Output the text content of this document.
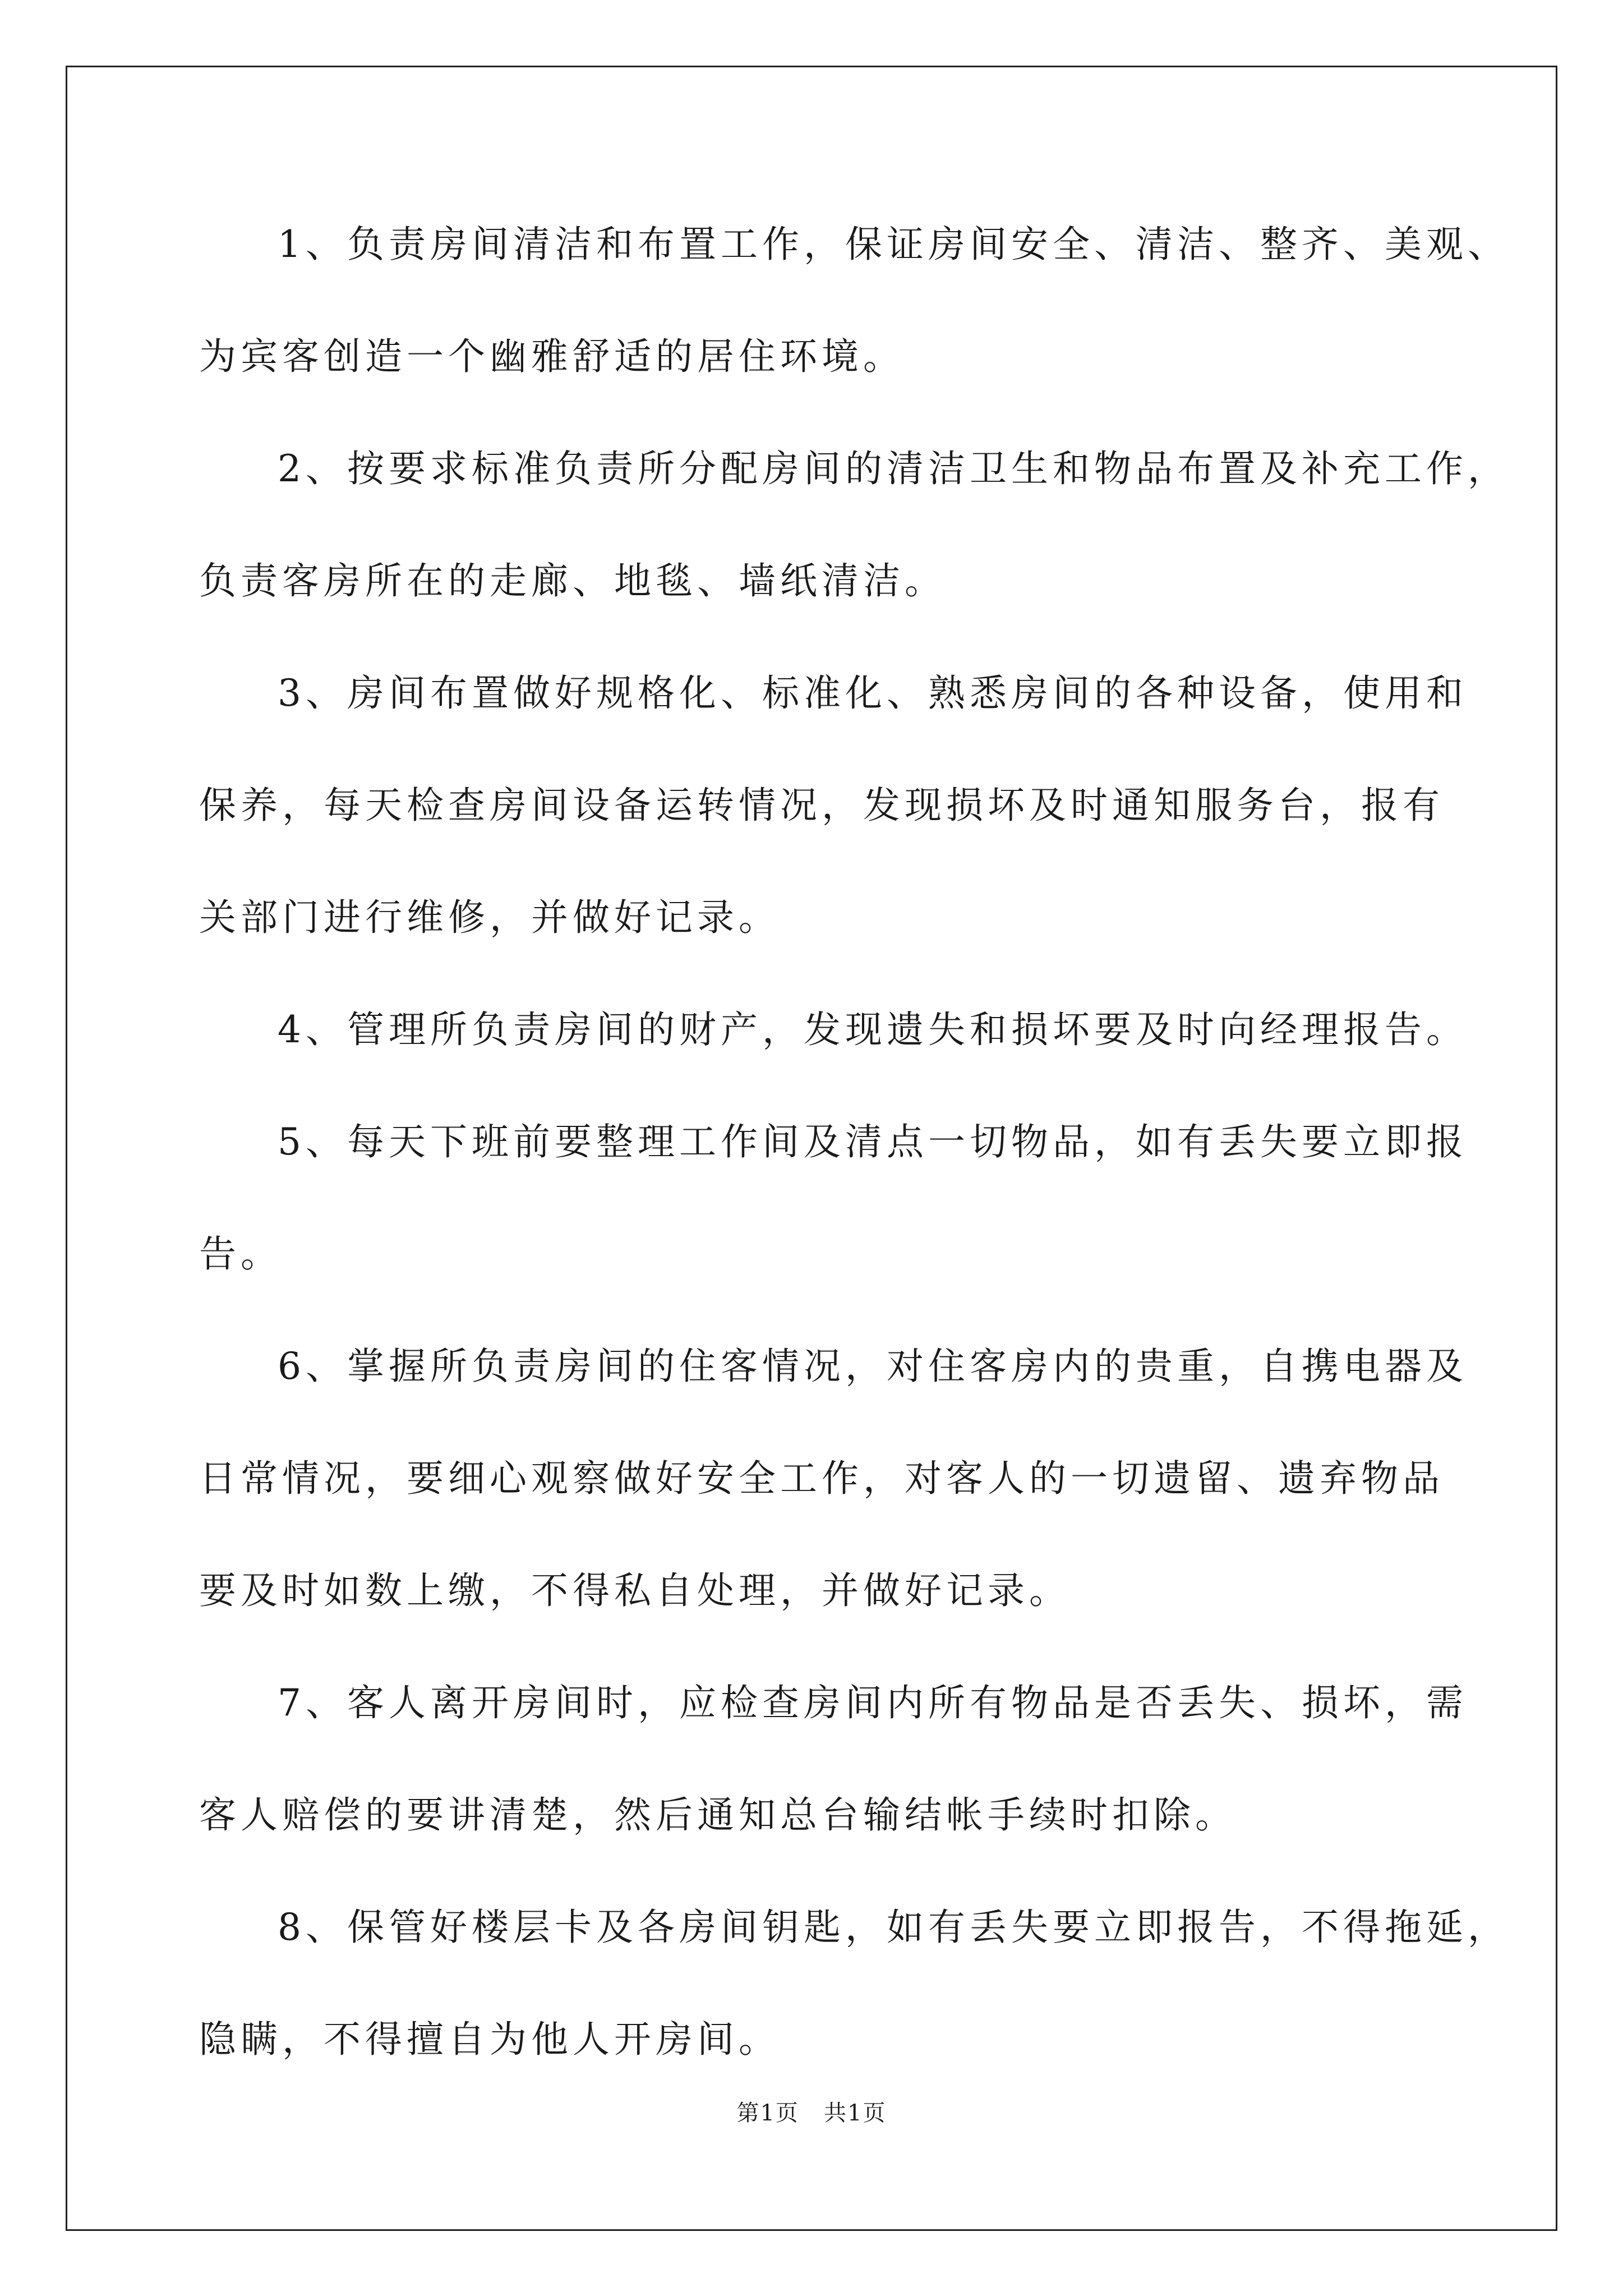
1、负责房间清洁和布置工作，保证房间安全、清洁、整齐、美观、
为宾客创造一个幽雅舒适的居住环境。
2、按要求标准负责所分配房间的清洁卫生和物品布置及补充工作，
负责客房所在的走廊、地毯、墙纸清洁。
3、房间布置做好规格化、标准化、熟悉房间的各种设备，使用和
保养，每天检查房间设备运转情况，发现损坏及时通知服务台，报有
关部门进行维修，并做好记录。
4、管理所负责房间的财产，发现遗失和损坏要及时向经理报告。
5、每天下班前要整理工作间及清点一切物品，如有丢失要立即报
告。
6、掌握所负责房间的住客情况，对住客房内的贵重，自携电器及
日常情况，要细心观察做好安全工作，对客人的一切遗留、遗弃物品
要及时如数上缴，不得私自处理，并做好记录。
7、客人离开房间时，应检查房间内所有物品是否丢失、损坏，需
客人赔偿的要讲清楚，然后通知总台输结帐手续时扣除。
8、保管好楼层卡及各房间钥匙，如有丢失要立即报告，不得拖延，
隐瞒，不得擅自为他人开房间。
第1页   共1页
